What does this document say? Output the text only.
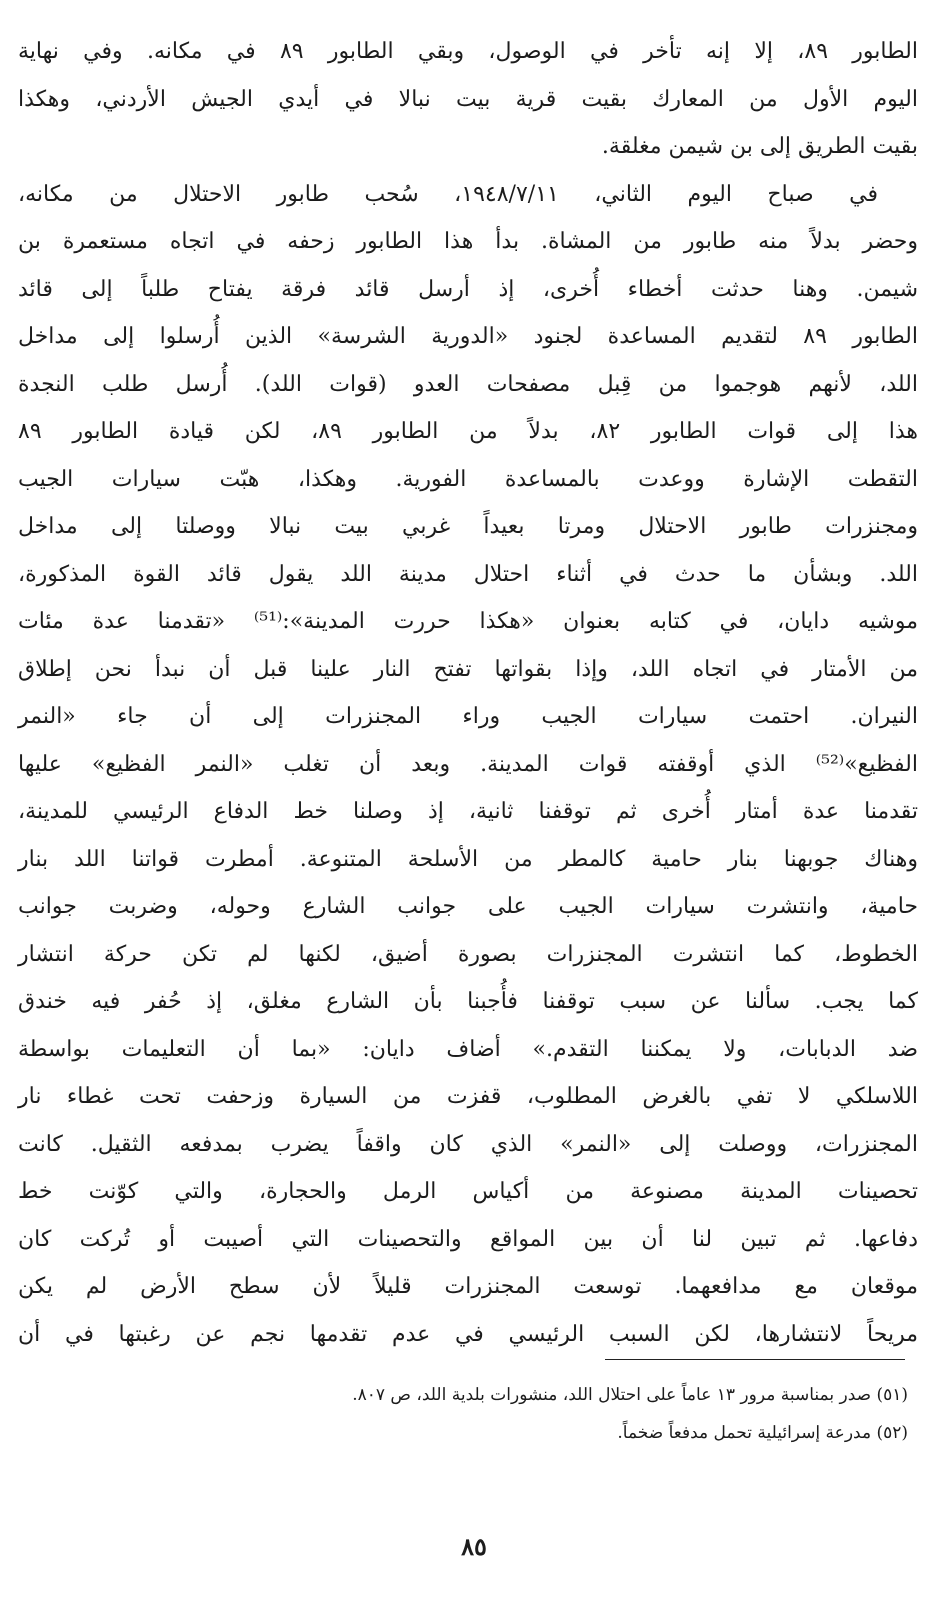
الطابور ٨٩، إلا إنه تأخر في الوصول، وبقي الطابور ٨٩ في مكانه. وفي نهاية
اليوم الأول من المعارك بقيت قرية بيت نبالا في أيدي الجيش الأردني، وهكذا
بقيت الطريق إلى بن شيمن مغلقة.
في صباح اليوم الثاني، ١٩٤٨/٧/١١، سُحب طابور الاحتلال من مكانه،
وحضر بدلاً منه طابور من المشاة. بدأ هذا الطابور زحفه في اتجاه مستعمرة بن
شيمن. وهنا حدثت أخطاء أُخرى، إذ أرسل قائد فرقة يفتاح طلباً إلى قائد
الطابور ٨٩ لتقديم المساعدة لجنود «الدورية الشرسة» الذين أُرسلوا إلى مداخل
اللد، لأنهم هوجموا من قِبل مصفحات العدو (قوات اللد). أُرسل طلب النجدة
هذا إلى قوات الطابور ٨٢، بدلاً من الطابور ٨٩، لكن قيادة الطابور ٨٩
التقطت الإشارة ووعدت بالمساعدة الفورية. وهكذا، هبّت سيارات الجيب
ومجنزرات طابور الاحتلال ومرتا بعيداً غربي بيت نبالا ووصلتا إلى مداخل
اللد. وبشأن ما حدث في أثناء احتلال مدينة اللد يقول قائد القوة المذكورة،
موشيه دايان، في كتابه بعنوان «هكذا حررت المدينة»:⁽⁵¹⁾ «تقدمنا عدة مئات
من الأمتار في اتجاه اللد، وإذا بقواتها تفتح النار علينا قبل أن نبدأ نحن إطلاق
النيران. احتمت سيارات الجيب وراء المجنزرات إلى أن جاء «النمر
الفظيع»⁽⁵²⁾ الذي أوقفته قوات المدينة. وبعد أن تغلب «النمر الفظيع» عليها
تقدمنا عدة أمتار أُخرى ثم توقفنا ثانية، إذ وصلنا خط الدفاع الرئيسي للمدينة،
وهناك جوبهنا بنار حامية كالمطر من الأسلحة المتنوعة. أمطرت قواتنا اللد بنار
حامية، وانتشرت سيارات الجيب على جوانب الشارع وحوله، وضربت جوانب
الخطوط، كما انتشرت المجنزرات بصورة أضيق، لكنها لم تكن حركة انتشار
كما يجب. سألنا عن سبب توقفنا فأُجبنا بأن الشارع مغلق، إذ حُفر فيه خندق
ضد الدبابات، ولا يمكننا التقدم.» أضاف دايان: «بما أن التعليمات بواسطة
اللاسلكي لا تفي بالغرض المطلوب، قفزت من السيارة وزحفت تحت غطاء نار
المجنزرات، ووصلت إلى «النمر» الذي كان واقفاً يضرب بمدفعه الثقيل. كانت
تحصينات المدينة مصنوعة من أكياس الرمل والحجارة، والتي كوّنت خط
دفاعها. ثم تبين لنا أن بين المواقع والتحصينات التي أصيبت أو تُركت كان
موقعان مع مدافعهما. توسعت المجنزرات قليلاً لأن سطح الأرض لم يكن
مريحاً لانتشارها، لكن السبب الرئيسي في عدم تقدمها نجم عن رغبتها في أن
(٥١) صدر بمناسبة مرور ١٣ عاماً على احتلال اللد، منشورات بلدية اللد، ص ٨٠٧.
(٥٢) مدرعة إسرائيلية تحمل مدفعاً ضخماً.
٨٥
